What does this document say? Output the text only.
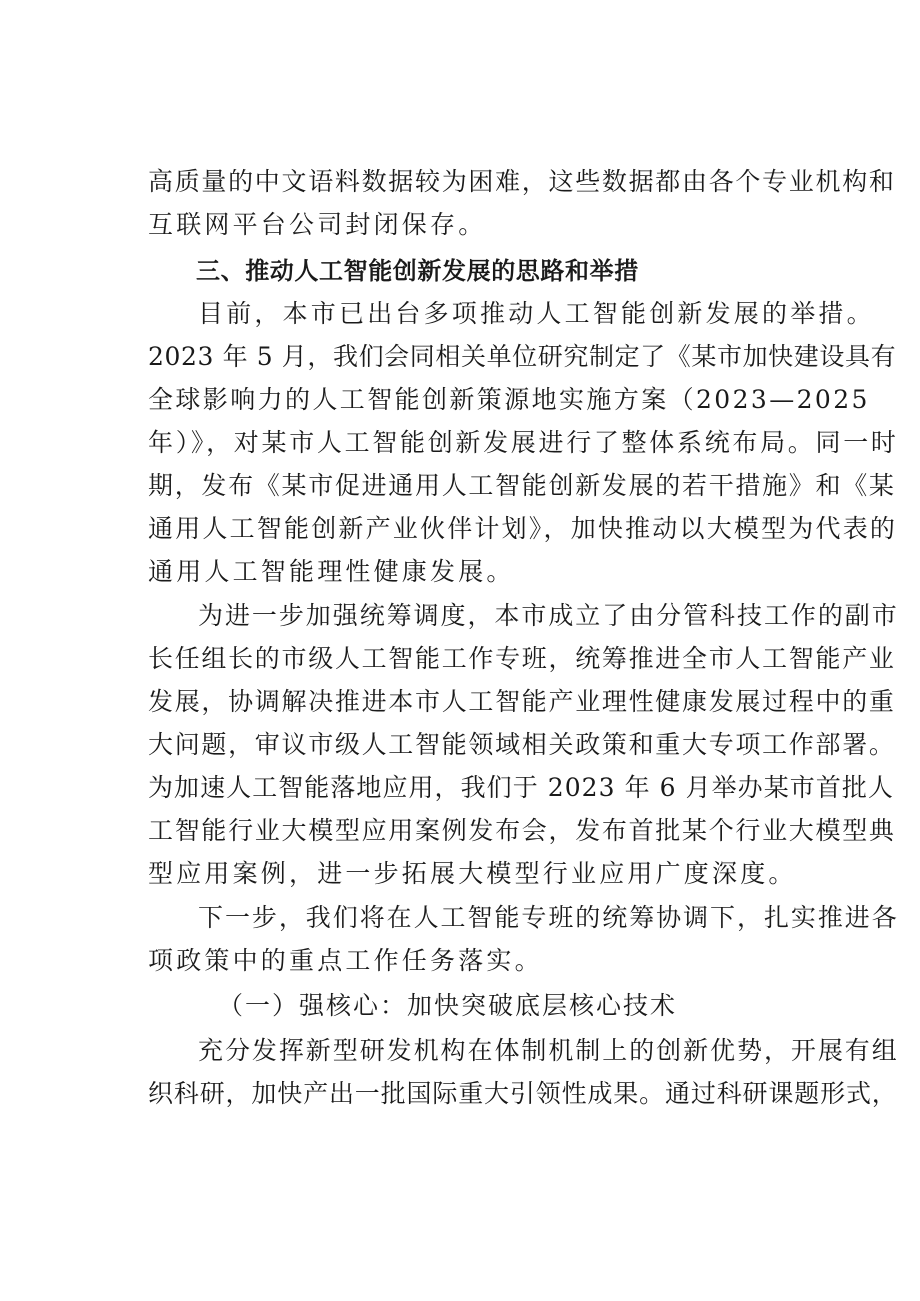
高质量的中文语料数据较为困难，这些数据都由各个专业机构和
互联网平台公司封闭保存。
三、推动人工智能创新发展的思路和举措
目前，本市已出台多项推动人工智能创新发展的举措。
2023 年 5 月，我们会同相关单位研究制定了《某市加快建设具有
全球影响力的人工智能创新策源地实施方案（2023—2025
年）》，对某市人工智能创新发展进行了整体系统布局。同一时
期，发布《某市促进通用人工智能创新发展的若干措施》和《某
通用人工智能创新产业伙伴计划》，加快推动以大模型为代表的
通用人工智能理性健康发展。
为进一步加强统筹调度，本市成立了由分管科技工作的副市
长任组长的市级人工智能工作专班，统筹推进全市人工智能产业
发展，协调解决推进本市人工智能产业理性健康发展过程中的重
大问题，审议市级人工智能领域相关政策和重大专项工作部署。
为加速人工智能落地应用，我们于 2023 年 6 月举办某市首批人
工智能行业大模型应用案例发布会，发布首批某个行业大模型典
型应用案例，进一步拓展大模型行业应用广度深度。
下一步，我们将在人工智能专班的统筹协调下，扎实推进各
项政策中的重点工作任务落实。
（一）强核心：加快突破底层核心技术
充分发挥新型研发机构在体制机制上的创新优势，开展有组
织科研，加快产出一批国际重大引领性成果。通过科研课题形式，
